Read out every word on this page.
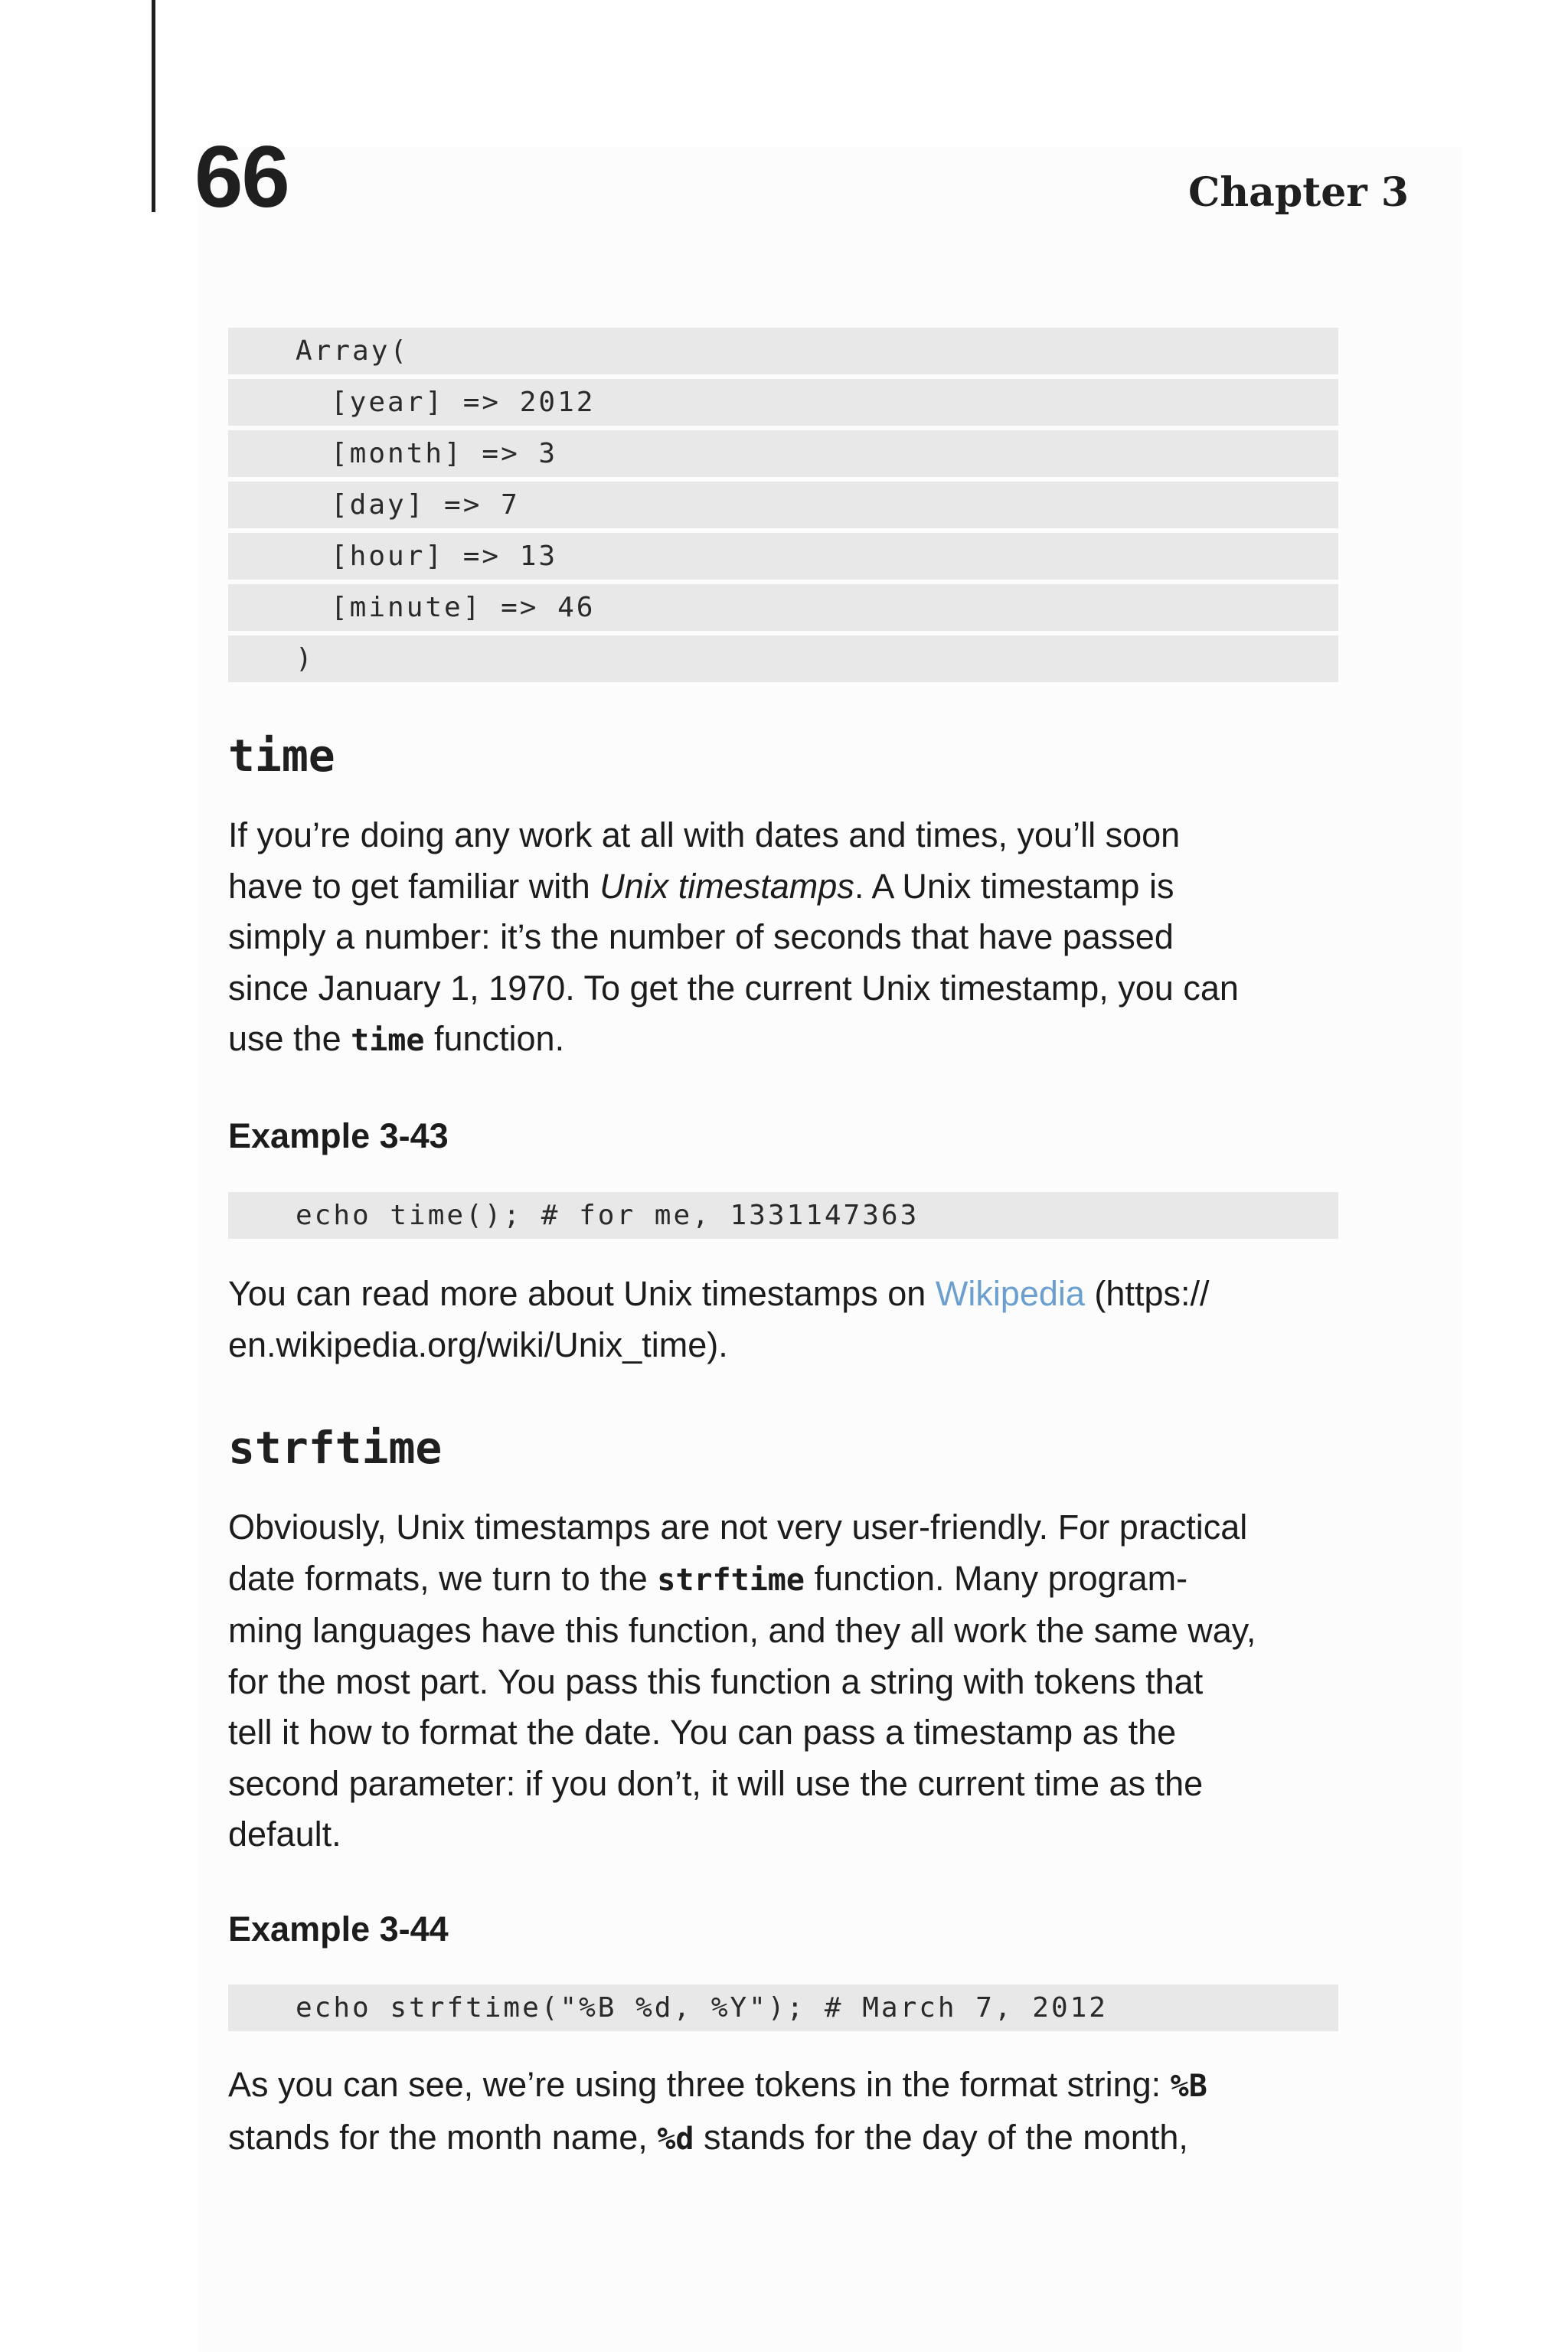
66	Chapter 3
Array(
[year] => 2012
[month] => 3
[day] => 7
[hour] => 13
[minute] => 46
)
time

If you’re doing any work at all with dates and times, you’ll soon
have to get familiar with Unix timestamps. A Unix timestamp is
simply a number: it’s the number of seconds that have passed
since January 1, 1970. To get the current Unix timestamp, you can
use the time function.

Example 3-43
echo time(); # for me, 1331147363

You can read more about Unix timestamps on Wikipedia (https://
en.wikipedia.org/wiki/Unix_time).

strftime

Obviously, Unix timestamps are not very user-friendly. For practical
date formats, we turn to the strftime function. Many program-
ming languages have this function, and they all work the same way,
for the most part. You pass this function a string with tokens that
tell it how to format the date. You can pass a timestamp as the
second parameter: if you don’t, it will use the current time as the
default.

Example 3-44
echo strftime("%B %d, %Y"); # March 7, 2012

As you can see, we’re using three tokens in the format string: %B
stands for the month name, %d stands for the day of the month,
